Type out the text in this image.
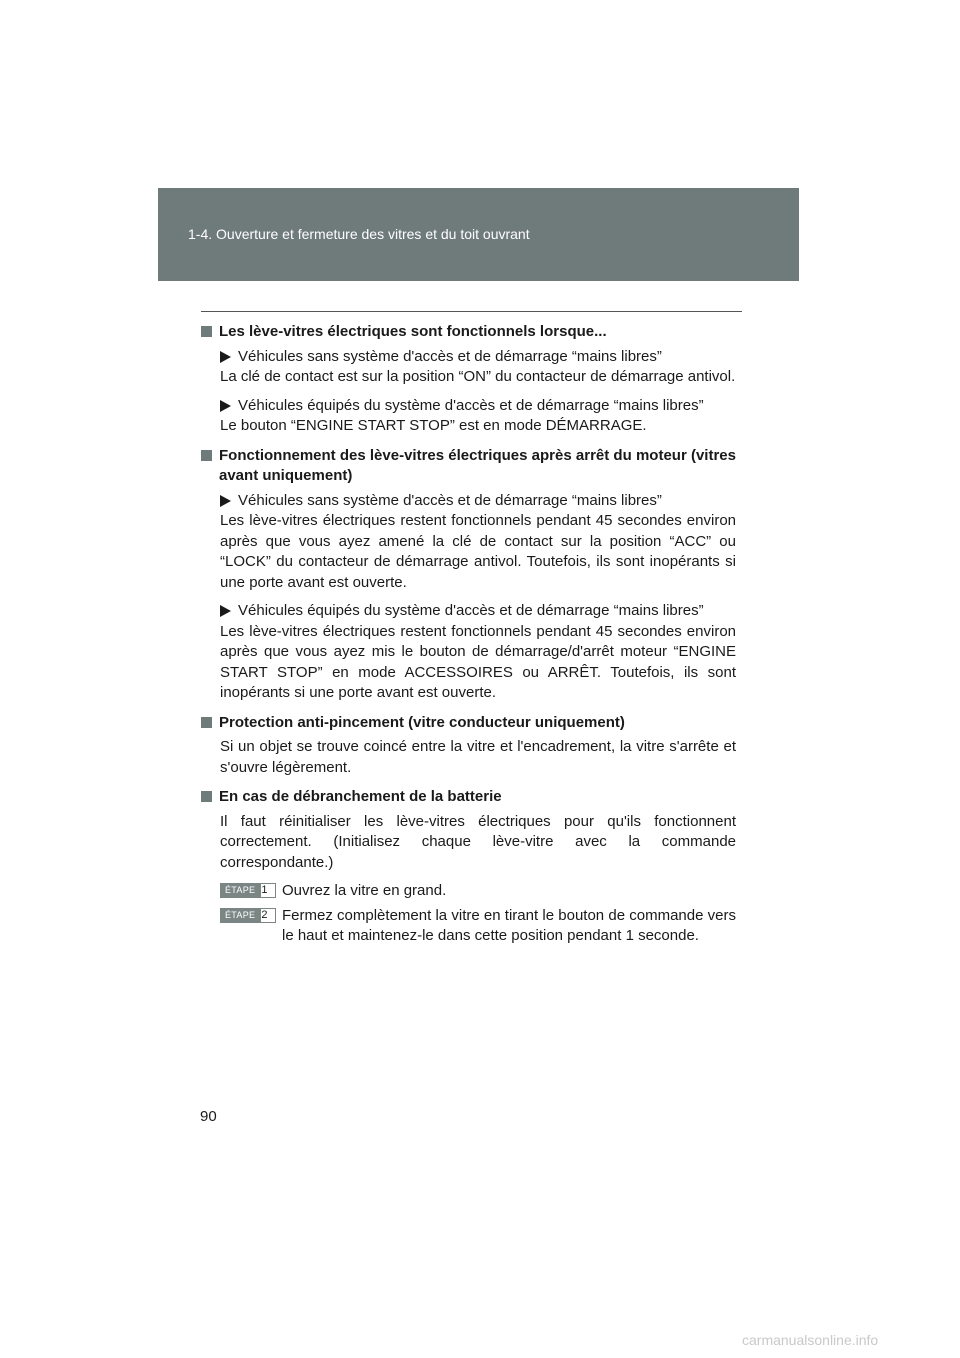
1-4. Ouverture et fermeture des vitres et du toit ouvrant
Les lève-vitres électriques sont fonctionnels lorsque...
Véhicules sans système d'accès et de démarrage “mains libres”
La clé de contact est sur la position “ON” du contacteur de démarrage antivol.
Véhicules équipés du système d'accès et de démarrage “mains libres”
Le bouton “ENGINE START STOP” est en mode DÉMARRAGE.
Fonctionnement des lève-vitres électriques après arrêt du moteur (vitres avant uniquement)
Véhicules sans système d'accès et de démarrage “mains libres”
Les lève-vitres électriques restent fonctionnels pendant 45 secondes environ après que vous ayez amené la clé de contact sur la position “ACC” ou “LOCK” du contacteur de démarrage antivol. Toutefois, ils sont inopérants si une porte avant est ouverte.
Véhicules équipés du système d'accès et de démarrage “mains libres”
Les lève-vitres électriques restent fonctionnels pendant 45 secondes environ après que vous ayez mis le bouton de démarrage/d'arrêt moteur “ENGINE START STOP” en mode ACCESSOIRES ou ARRÊT. Toutefois, ils sont inopérants si une porte avant est ouverte.
Protection anti-pincement (vitre conducteur uniquement)
Si un objet se trouve coincé entre la vitre et l'encadrement, la vitre s'arrête et s'ouvre légèrement.
En cas de débranchement de la batterie
Il faut réinitialiser les lève-vitres électriques pour qu'ils fonctionnent correctement. (Initialisez chaque lève-vitre avec la commande correspondante.)
ÉTAPE 1 Ouvrez la vitre en grand.
ÉTAPE 2 Fermez complètement la vitre en tirant le bouton de commande vers le haut et maintenez-le dans cette position pendant 1 seconde.
90
carmanualsonline.info
